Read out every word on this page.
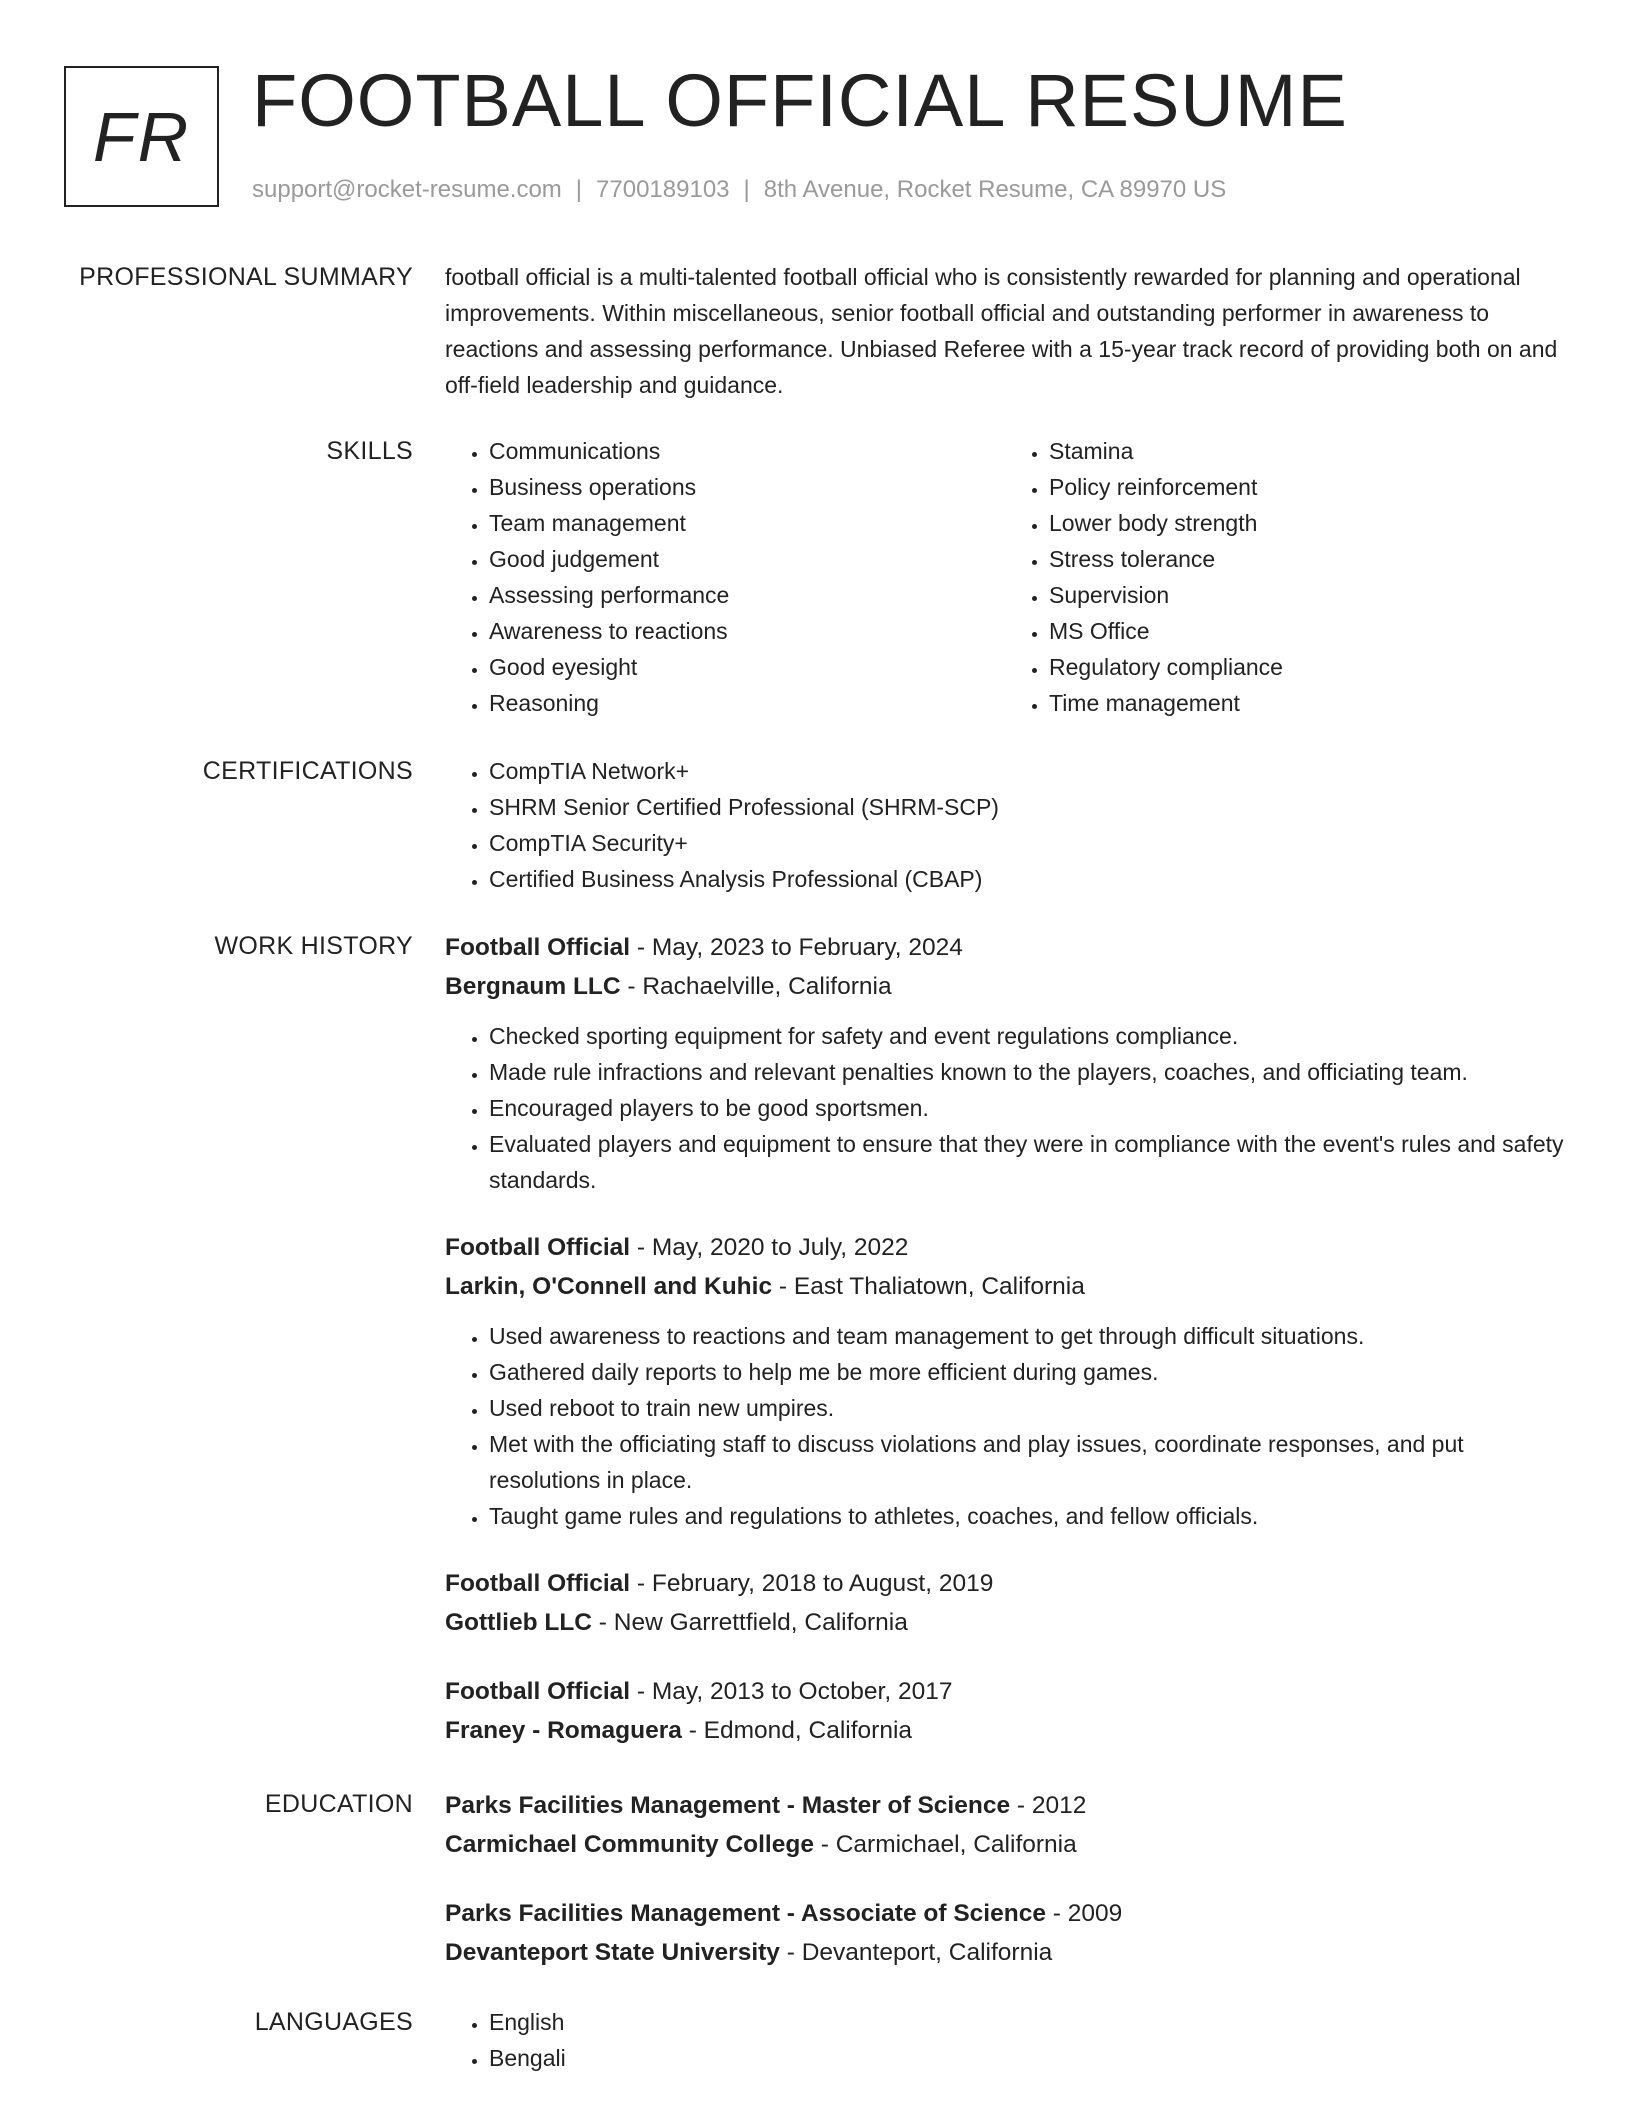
FR FOOTBALL OFFICIAL RESUME
support@rocket-resume.com | 7700189103 | 8th Avenue, Rocket Resume, CA 89970 US
PROFESSIONAL SUMMARY football official is a multi-talented football official who is consistently rewarded for planning and operational improvements. Within miscellaneous, senior football official and outstanding performer in awareness to reactions and assessing performance. Unbiased Referee with a 15-year track record of providing both on and off-field leadership and guidance.

SKILLS	• Communications
• Business operations
• Team management
• Good judgement
• Assessing performance
• Awareness to reactions
• Good eyesight
• Reasoning
• Stamina
• Policy reinforcement
• Lower body strength
• Stress tolerance
• Supervision
• MS Office
• Regulatory compliance
• Time management
CERTIFICATIONS	• CompTIA Network+
• SHRM Senior Certified Professional (SHRM-SCP)
• CompTIA Security+
• Certified Business Analysis Professional (CBAP)
WORK HISTORY Football Official - May, 2023 to February, 2024
Bergnaum LLC - Rachaelville, California
• Checked sporting equipment for safety and event regulations compliance.
• Made rule infractions and relevant penalties known to the players, coaches, and officiating team.
• Encouraged players to be good sportsmen.
• Evaluated players and equipment to ensure that they were in compliance with the event's rules and safety standards.
Football Official - May, 2020 to July, 2022
Larkin, O'Connell and Kuhic - East Thaliatown, California
• Used awareness to reactions and team management to get through difficult situations.
• Gathered daily reports to help me be more efficient during games.
• Used reboot to train new umpires.
• Met with the officiating staff to discuss violations and play issues, coordinate responses, and put resolutions in place.
• Taught game rules and regulations to athletes, coaches, and fellow officials.
Football Official - February, 2018 to August, 2019
Gottlieb LLC - New Garrettfield, California
Football Official - May, 2013 to October, 2017
Franey - Romaguera - Edmond, California
EDUCATION Parks Facilities Management - Master of Science - 2012
Carmichael Community College - Carmichael, California
Parks Facilities Management - Associate of Science - 2009
Devanteport State University - Devanteport, California
LANGUAGES	• English
• Bengali
